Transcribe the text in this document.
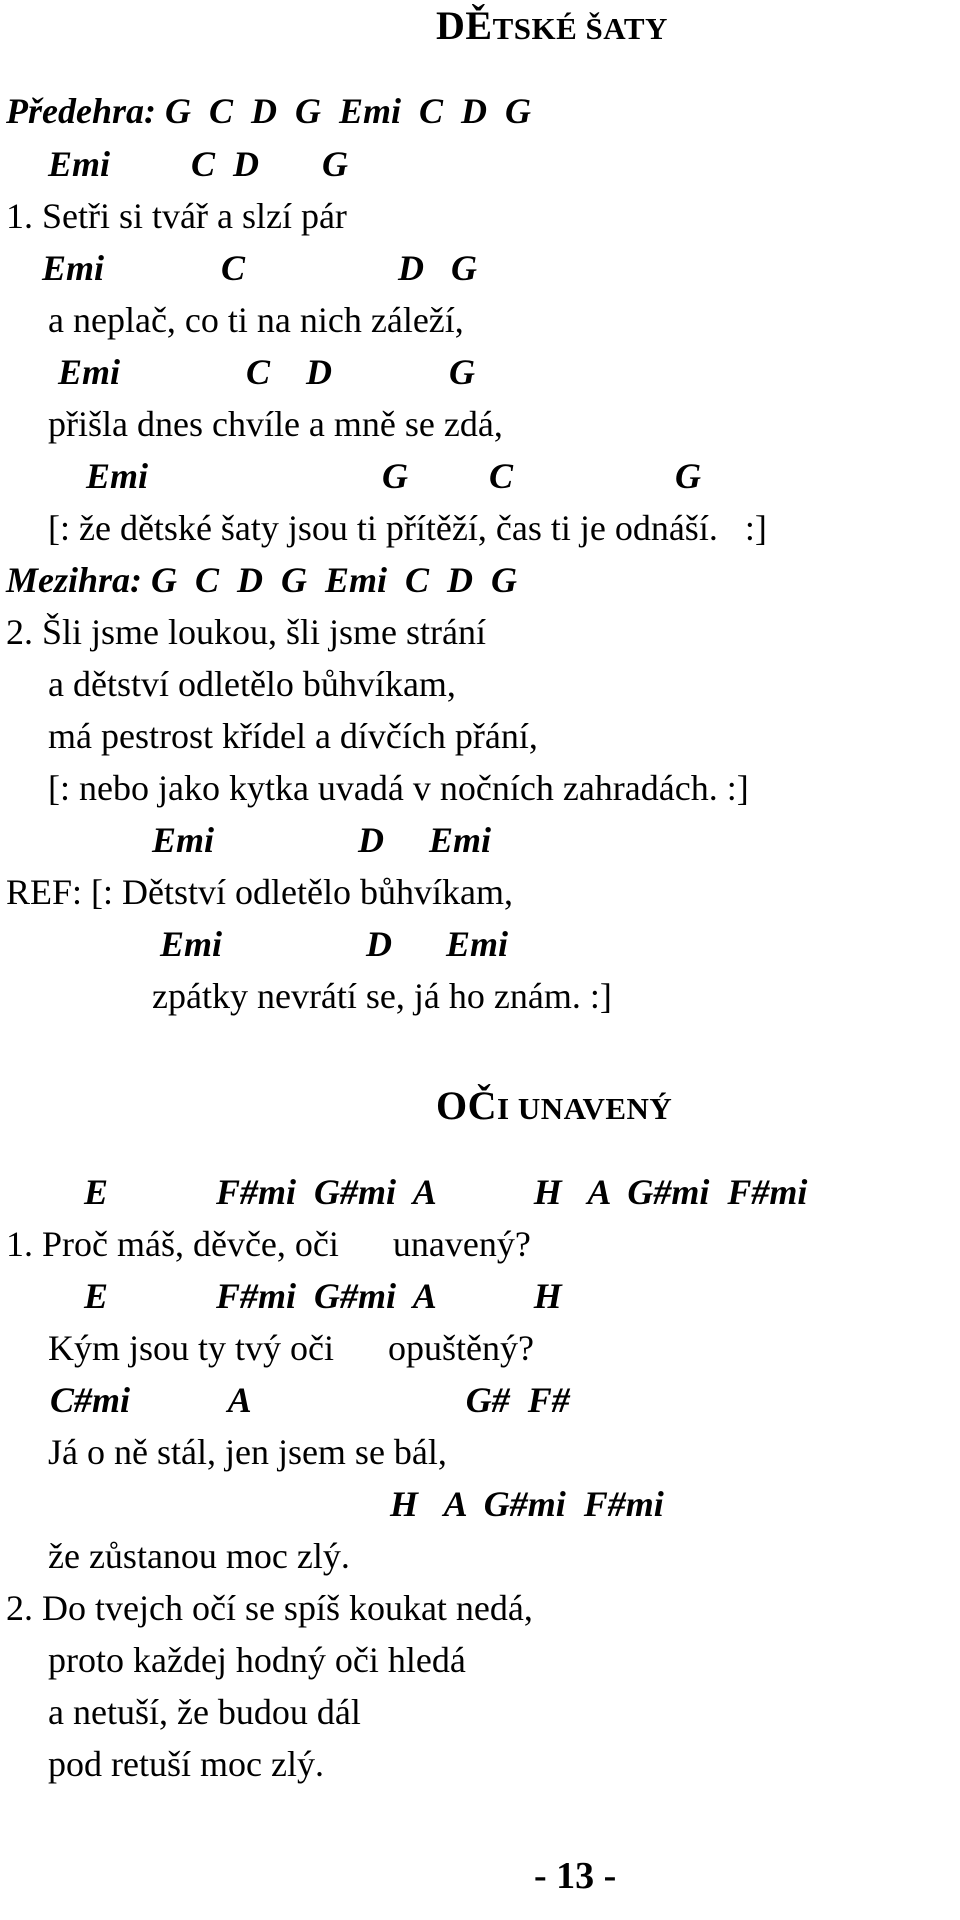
DĚTSKÉ ŠATY
Předehra: G  C  D  G  Emi  C  D  G
Emi         C  D       G
1. Setři si tvář a slzí pár
Emi             C                 D   G
a neplač, co ti na nich záleží,
Emi              C    D             G
přišla dnes chvíle a mně se zdá,
Emi                          G         C                  G
[: že dětské šaty jsou ti přítěží, čas ti je odnáší.   :]
Mezihra: G  C  D  G  Emi  C  D  G
2. Šli jsme loukou, šli jsme strání
a dětství odletělo bůhvíkam,
má pestrost křídel a dívčích přání,
[: nebo jako kytka uvadá v nočních zahradách. :]
Emi                D     Emi
REF: [: Dětství odletělo bůhvíkam,
Emi                D      Emi
zpátky nevrátí se, já ho znám. :]
OČI UNAVENÝ
E            F#mi  G#mi  A           H   A  G#mi  F#mi
1. Proč máš, děvče, oči      unavený?
E            F#mi  G#mi  A           H
Kým jsou ty tvý oči      opuštěný?
C#mi           A                        G#  F#
Já o ně stál, jen jsem se bál,
H   A  G#mi  F#mi
že zůstanou moc zlý.
2. Do tvejch očí se spíš koukat nedá,
proto každej hodný oči hledá
a netuší, že budou dál
pod retuší moc zlý.
- 13 -
